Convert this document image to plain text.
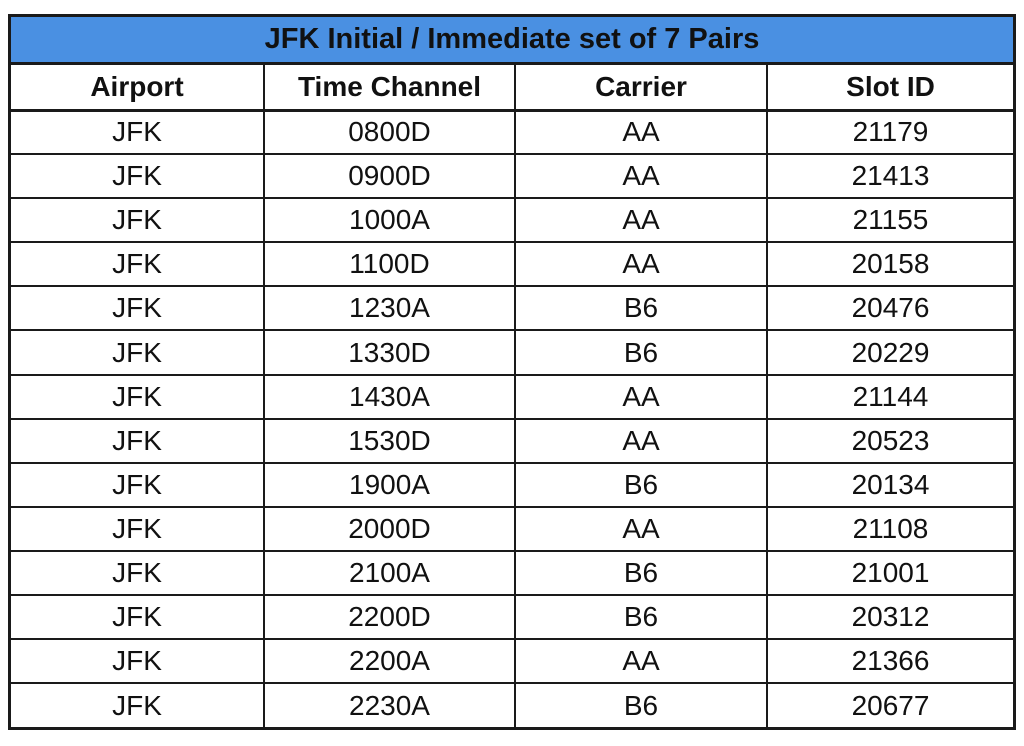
JFK Initial / Immediate set of 7 Pairs
Airport	Time Channel	Carrier	Slot ID
JFK	0800D	AA	21179
JFK	0900D	AA	21413
JFK	1000A	AA	21155
JFK	1100D	AA	20158
JFK	1230A	B6	20476
JFK	1330D	B6	20229
JFK	1430A	AA	21144
JFK	1530D	AA	20523
JFK	1900A	B6	20134
JFK	2000D	AA	21108
JFK	2100A	B6	21001
JFK	2200D	B6	20312
JFK	2200A	AA	21366
JFK	2230A	B6	20677
